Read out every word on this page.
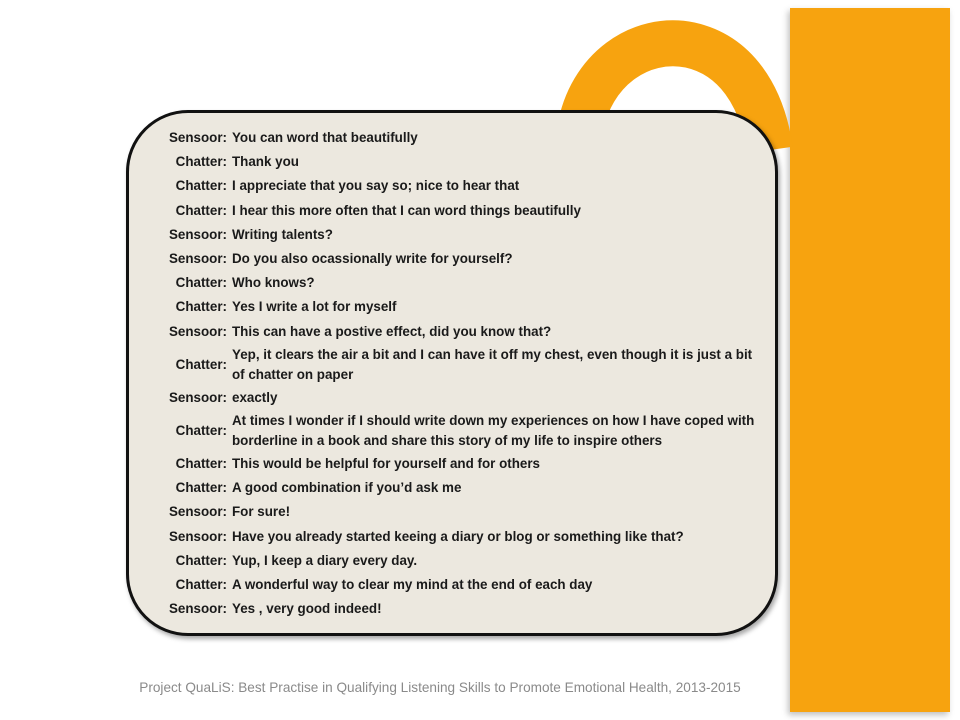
Sensoor: You can word that beautifully
Chatter: Thank you
Chatter: I appreciate that you say so; nice to hear that
Chatter: I hear this more often that I can word things beautifully
Sensoor: Writing talents?
Sensoor: Do you also ocassionally write for yourself?
Chatter: Who knows?
Chatter: Yes I write a lot for myself
Sensoor: This can have a postive effect, did you know that?
Chatter:
Yep, it clears the air a bit and I can have it off my chest, even though it is just a bit of chatter on paper
Sensoor: exactly
Chatter:
At times I wonder if I should write down my experiences on how I have coped with borderline in a book and share this story of my life to inspire others
Chatter: This would be helpful for yourself and for others
Chatter: A good combination if you’d ask me
Sensoor: For sure!
Sensoor: Have you already started keeing a diary or blog or something like that?
Chatter: Yup, I keep a diary every day.
Chatter: A wonderful way to clear my mind at the end of each day
Sensoor: Yes , very good indeed!
Project QuaLiS: Best Practise in Qualifying Listening Skills to Promote Emotional Health, 2013-2015
